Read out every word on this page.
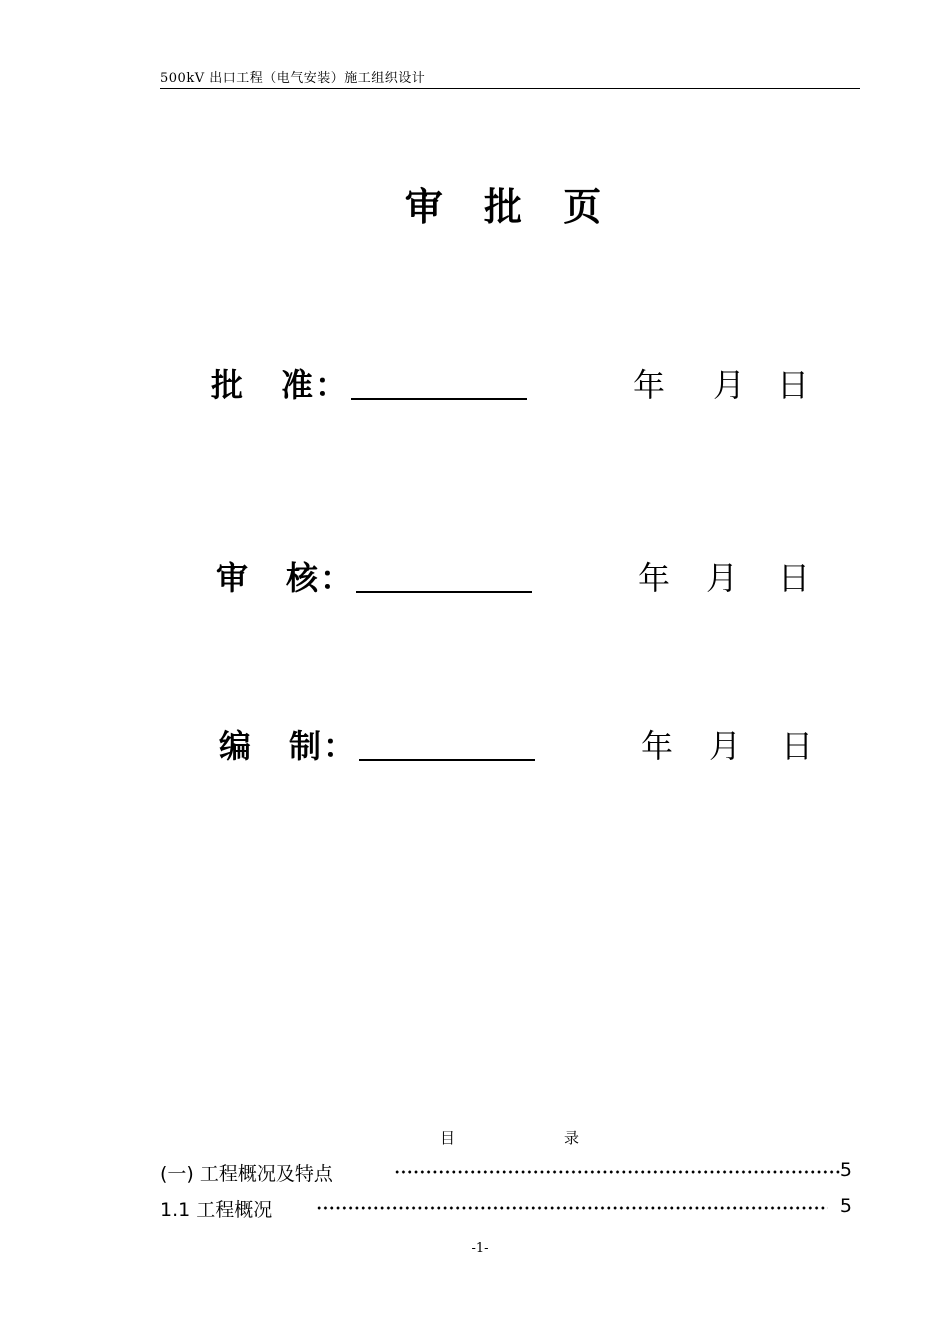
500kV 出口工程（电气安装）施工组织设计
审 批 页
批 准：	年 月 日
审 核：	年 月 日
编 制：	年 月 日
目	录
(一) 工程概况及特点	5
1.1 工程概况	5
-1-
